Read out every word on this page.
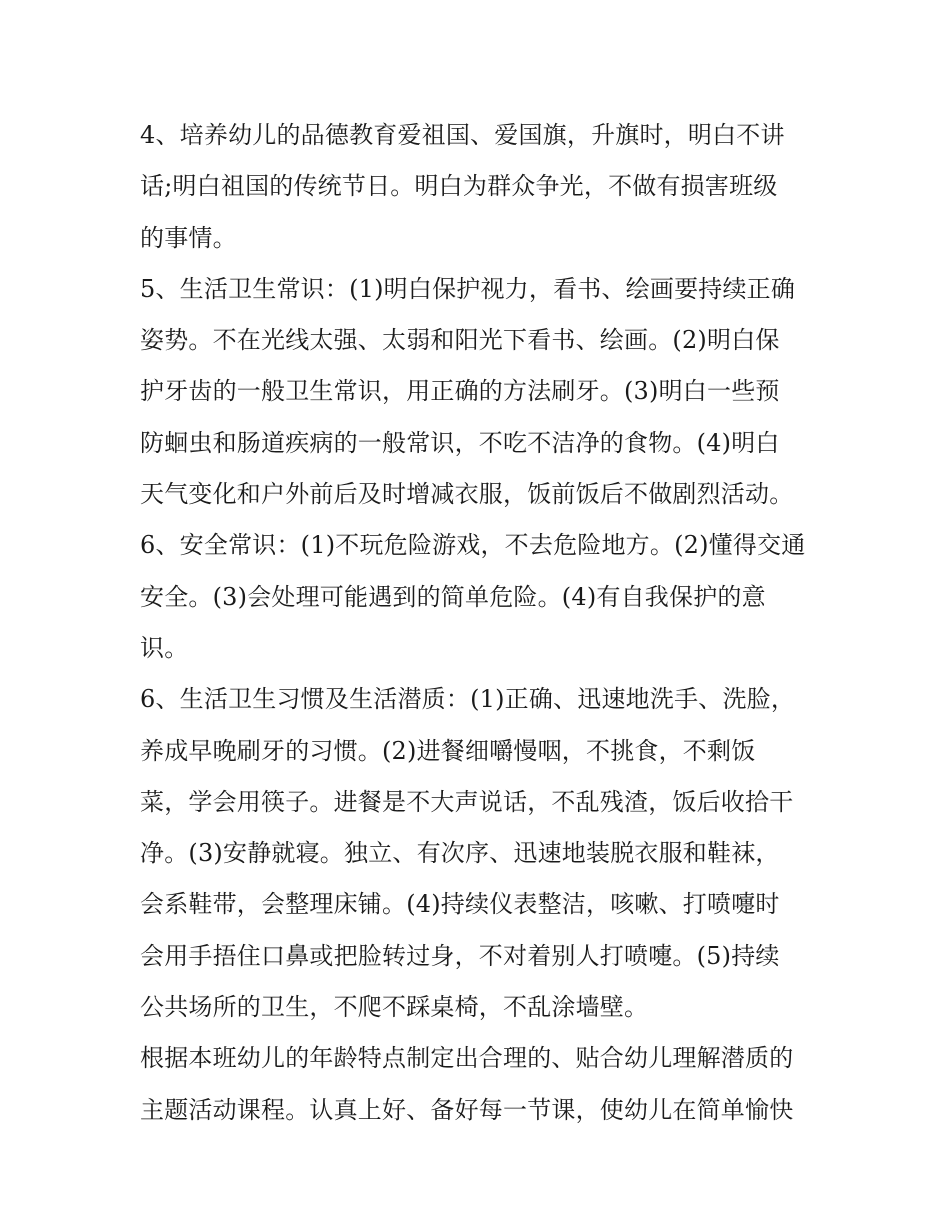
4、培养幼儿的品德教育爱祖国、爱国旗，升旗时，明白不讲
话;明白祖国的传统节日。明白为群众争光，不做有损害班级
的事情。

5、生活卫生常识：(1)明白保护视力，看书、绘画要持续正确
姿势。不在光线太强、太弱和阳光下看书、绘画。(2)明白保
护牙齿的一般卫生常识，用正确的方法刷牙。(3)明白一些预
防蛔虫和肠道疾病的一般常识，不吃不洁净的食物。(4)明白
天气变化和户外前后及时增减衣服，饭前饭后不做剧烈活动。

6、安全常识：(1)不玩危险游戏，不去危险地方。(2)懂得交通
安全。(3)会处理可能遇到的简单危险。(4)有自我保护的意
识。

6、生活卫生习惯及生活潜质：(1)正确、迅速地洗手、洗脸，
养成早晚刷牙的习惯。(2)进餐细嚼慢咽，不挑食，不剩饭
菜，学会用筷子。进餐是不大声说话，不乱残渣，饭后收拾干
净。(3)安静就寝。独立、有次序、迅速地装脱衣服和鞋袜，
会系鞋带，会整理床铺。(4)持续仪表整洁，咳嗽、打喷嚏时
会用手捂住口鼻或把脸转过身，不对着别人打喷嚏。(5)持续
公共场所的卫生，不爬不踩桌椅，不乱涂墙壁。

根据本班幼儿的年龄特点制定出合理的、贴合幼儿理解潜质的
主题活动课程。认真上好、备好每一节课，使幼儿在简单愉快
